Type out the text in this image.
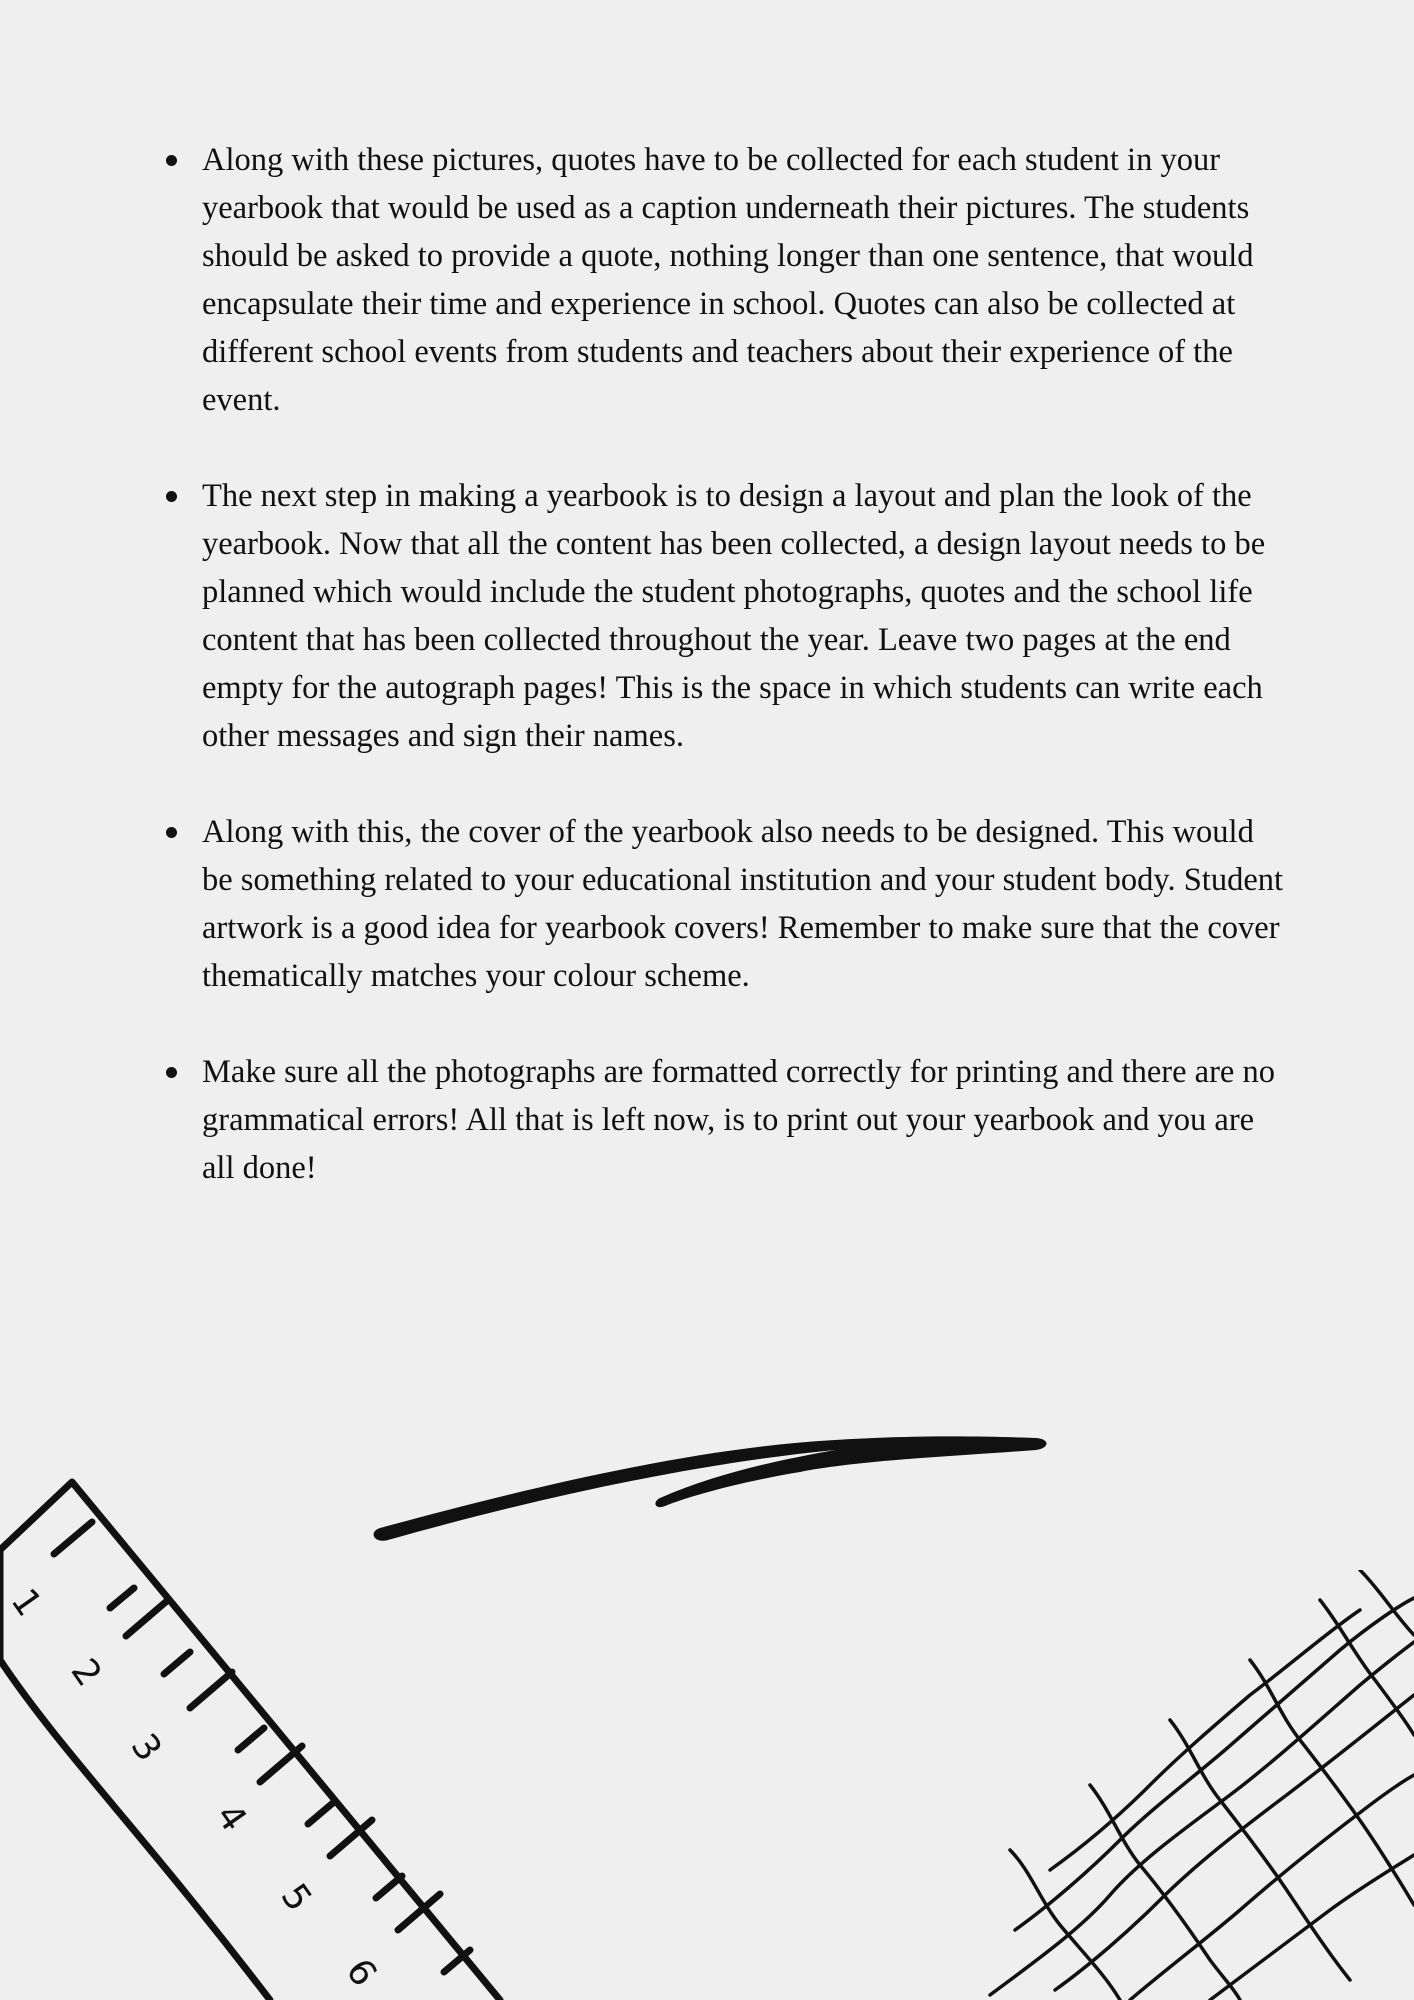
Along with these pictures, quotes have to be collected for each student in your yearbook that would be used as a caption underneath their pictures. The students should be asked to provide a quote, nothing longer than one sentence, that would encapsulate their time and experience in school. Quotes can also be collected at different school events from students and teachers about their experience of the event.
The next step in making a yearbook is to design a layout and plan the look of the yearbook. Now that all the content has been collected, a design layout needs to be planned which would include the student photographs, quotes and the school life content that has been collected throughout the year. Leave two pages at the end empty for the autograph pages! This is the space in which students can write each other messages and sign their names.
Along with this, the cover of the yearbook also needs to be designed. This would be something related to your educational institution and your student body. Student artwork is a good idea for yearbook covers! Remember to make sure that the cover thematically matches your colour scheme.
Make sure all the photographs are formatted correctly for printing and there are no grammatical errors! All that is left now, is to print out your yearbook and you are all done!
1
2
3
4
5
6
